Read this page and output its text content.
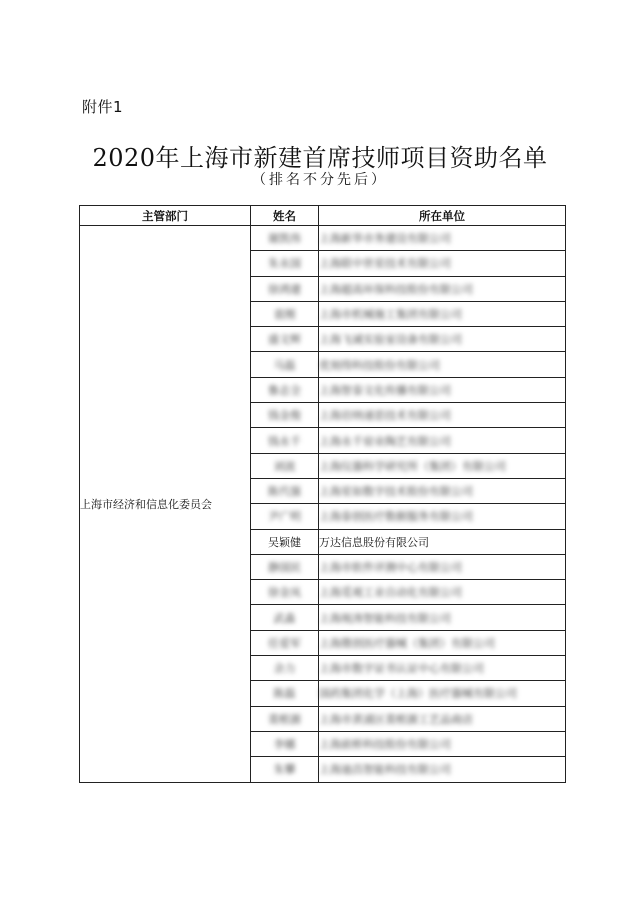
附件1
2020年上海市新建首席技师项目资助名单
（排名不分先后）
主管部门	姓名	所在单位
上海市经济和信息化委员会	谢凯伟	上海新华市务建设有限公司
	朱永国	上海联中世星技术有限公司
	徐鸿建	上海超高环保科技股份有限公司
	袁刚	上海市机械施工集团有限公司
	盛文辉	上海飞诚实验室设备有限公司
	马磊	优刻得科技股份有限公司
	鲁志全	上海智泰文化传播有限公司
	钱金俊	上海岩纳递思技术有限公司
	钱永千	上海永千窑业陶艺有限公司
	刘波	上海仪器科学研究所（集团）有限公司
	陈代强	上海星如数字技术股份有限公司
	尹广明	上海泰创医疗数据服务有限公司
	吴颖健	万达信息股份有限公司
	静国民	上海市软件评测中心有限公司
	徐金凤	上海觅观工业自动化有限公司
	武淼	上海视涛智能科技有限公司
	任爱军	上海微创医疗器械（集团）有限公司
	余力	上海市数字证书认证中心有限公司
	陈磊	国药集团化学（上海）医疗器械有限公司
	裴根源	上海市黄浦区裴根源工艺品商店
	李娜	上海前桥科技股份有限公司
	朱攀	上海迪昌智能科技有限公司
